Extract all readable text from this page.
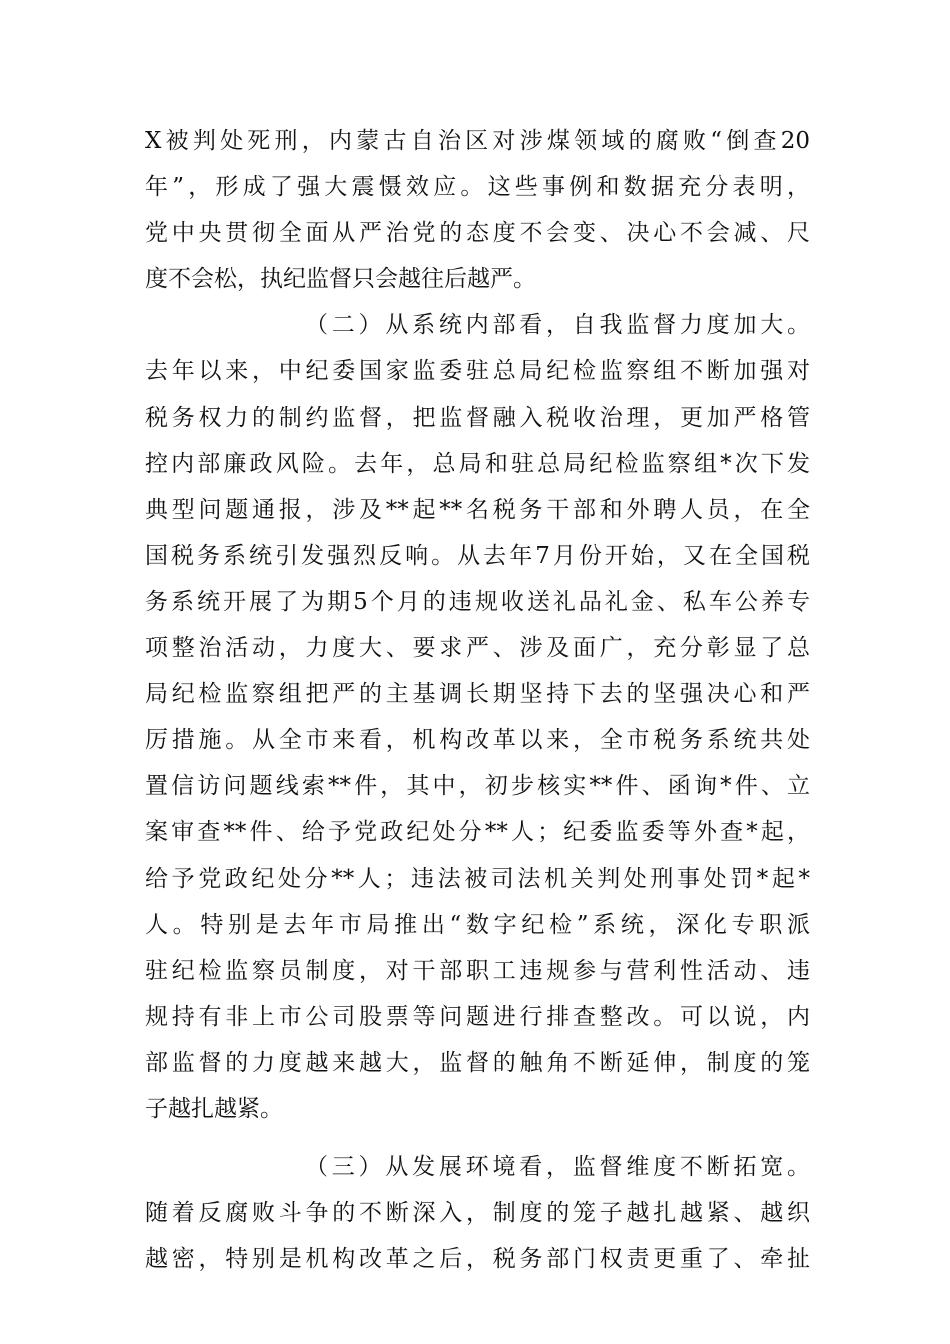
X被判处死刑，内蒙古自治区对涉煤领域的腐败“倒查20
年”，形成了强大震慑效应。这些事例和数据充分表明，
党中央贯彻全面从严治党的态度不会变、决心不会减、尺
度不会松，执纪监督只会越往后越严。
（二）从系统内部看，自我监督力度加大。
去年以来，中纪委国家监委驻总局纪检监察组不断加强对
税务权力的制约监督，把监督融入税收治理，更加严格管
控内部廉政风险。去年，总局和驻总局纪检监察组*次下发
典型问题通报，涉及**起**名税务干部和外聘人员，在全
国税务系统引发强烈反响。从去年7月份开始，又在全国税
务系统开展了为期5个月的违规收送礼品礼金、私车公养专
项整治活动，力度大、要求严、涉及面广，充分彰显了总
局纪检监察组把严的主基调长期坚持下去的坚强决心和严
厉措施。从全市来看，机构改革以来，全市税务系统共处
置信访问题线索**件，其中，初步核实**件、函询*件、立
案审查**件、给予党政纪处分**人；纪委监委等外查*起，
给予党政纪处分**人；违法被司法机关判处刑事处罚*起*
人。特别是去年市局推出“数字纪检”系统，深化专职派
驻纪检监察员制度，对干部职工违规参与营利性活动、违
规持有非上市公司股票等问题进行排查整改。可以说，内
部监督的力度越来越大，监督的触角不断延伸，制度的笼
子越扎越紧。
（三）从发展环境看，监督维度不断拓宽。
随着反腐败斗争的不断深入，制度的笼子越扎越紧、越织
越密，特别是机构改革之后，税务部门权责更重了、牵扯
